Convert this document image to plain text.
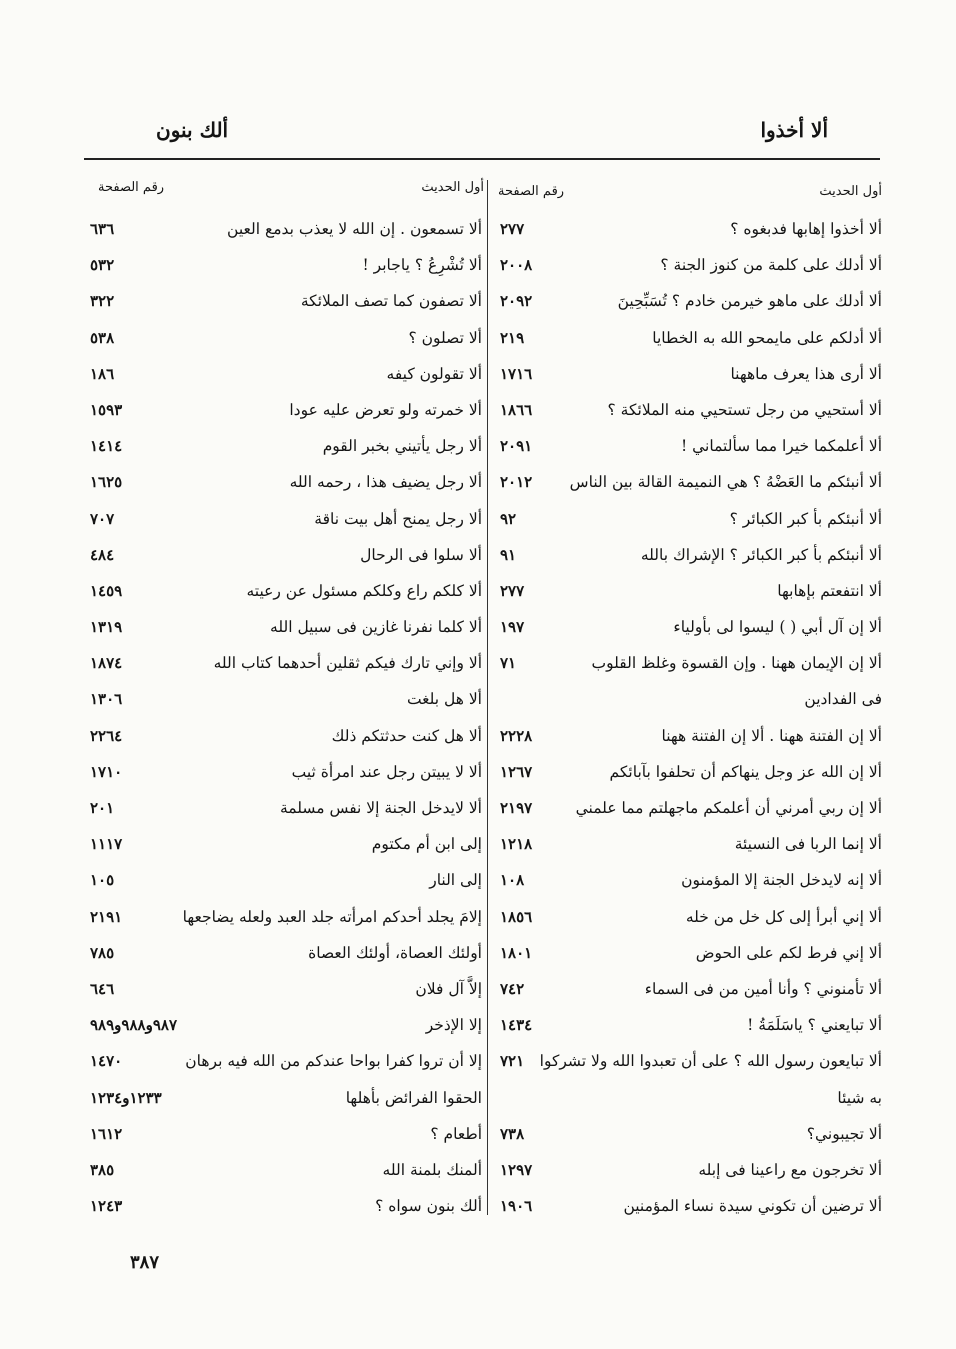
ألا أخذوا
ألك بنون
أول الحديث
رقم الصفحة
ألا أخذوا إهابها فدبغوه ؟
٢٧٧
ألا أدلك على كلمة من كنوز الجنة ؟
٢٠٠٨
ألا أدلك على ماهو خيرمن خادم ؟ تُسَبِّحِينَ
٢٠٩٢
ألا أدلكم على مايمحو الله به الخطايا
٢١٩
ألا أرى هذا يعرف ماههنا
١٧١٦
ألا أستحيي من رجل تستحيي منه الملائكة ؟
١٨٦٦
ألا أعلمكما خيرا مما سألتماني !
٢٠٩١
ألا أنبئكم ما العَضْهُ ؟ هي النميمة القالة بين الناس
٢٠١٢
ألا أنبئكم بأ كبر الكبائر ؟
٩٢
ألا أنبئكم بأ كبر الكبائر ؟ الإشراك بالله
٩١
ألا انتفعتم بإهابها
٢٧٧
ألا إن آل أبي ( ) ليسوا لى بأولياء
١٩٧
ألا إن الإيمان ههنا . وإن القسوة وغلظ القلوب
٧١
فى الفدادين
ألا إن الفتنة ههنا . ألا إن الفتنة ههنا
٢٢٢٨
ألا إن الله عز وجل ينهاكم أن تحلفوا بآبائكم
١٢٦٧
ألا إن ربي أمرني أن أعلمكم ماجهلتم مما علمني
٢١٩٧
ألا إنما الربا فى النسيئة
١٢١٨
ألا إنه لايدخل الجنة إلا المؤمنون
١٠٨
ألا إني أبرأ إلى كل خل من خله
١٨٥٦
ألا إني فرط لكم على الحوض
١٨٠١
ألا تأمنوني ؟ وأنا أمين من فى السماء
٧٤٢
ألا تبايعني ؟ ياسَلَمَةُ !
١٤٣٤
ألا تبايعون رسول الله ؟ على أن تعبدوا الله ولا تشركوا
٧٢١
به شيئا
ألا تجيبوني؟
٧٣٨
ألا تخرجون مع راعينا فى إبله
١٢٩٧
ألا ترضين أن تكوني سيدة نساء المؤمنين
١٩٠٦
أول الحديث
رقم الصفحة
ألا تسمعون . إن الله لا يعذب بدمع العين
٦٣٦
ألا تُشْرِعُ ؟ ياجابر !
٥٣٢
ألا تصفون كما تصف الملائكة
٣٢٢
ألا تصلون ؟
٥٣٨
ألا تقولون كيفه
١٨٦
ألا خمرته ولو تعرض عليه عودا
١٥٩٣
ألا رجل يأتيني بخبر القوم
١٤١٤
ألا رجل يضيف هذا ، رحمه الله
١٦٢٥
ألا رجل يمنح أهل بيت ناقة
٧٠٧
ألا سلوا فى الرحال
٤٨٤
ألا كلكم راع وكلكم مسئول عن رعيته
١٤٥٩
ألا كلما نفرنا غازين فى سبيل الله
١٣١٩
ألا وإني تارك فيكم ثقلين أحدهما كتاب الله
١٨٧٤
ألا هل بلغت
١٣٠٦
ألا هل كنت حدثتكم ذلك
٢٢٦٤
ألا لا يبيتن رجل عند امرأة ثيب
١٧١٠
ألا لايدخل الجنة إلا نفس مسلمة
٢٠١
إلى ابن أم مكتوم
١١١٧
إلى النار
١٠٥
إلامَ يجلد أحدكم امرأته جلد العبد ولعله يضاجعها
٢١٩١
أولئك العصاة، أولئك العصاة
٧٨٥
إلاَّ آل فلان
٦٤٦
إلا الإذخر
٩٨٧و٩٨٨و٩٨٩
إلا أن تروا كفرا بواحا عندكم من الله فيه برهان
١٤٧٠
الحقوا الفرائض بأهلها
١٢٣٣و١٢٣٤
أطعام ؟
١٦١٢
ألمنك بلمنة الله
٣٨٥
ألك بنون سواه ؟
١٢٤٣
٣٨٧
